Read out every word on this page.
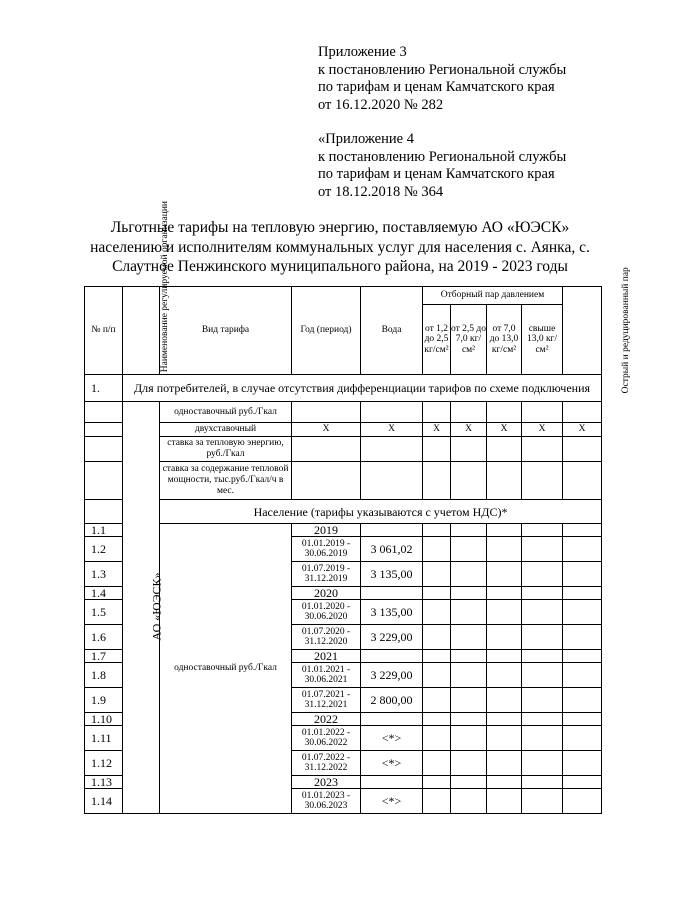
Приложение 3
к постановлению Региональной службы
по тарифам и ценам Камчатского края
от 16.12.2020 № 282
«Приложение 4
к постановлению Региональной службы
по тарифам и ценам Камчатского края
от 18.12.2018 № 364
Льготные тарифы на тепловую энергию, поставляемую АО «ЮЭСК»
населению и исполнителям коммунальных услуг для населения с. Аянка, с.
Слаутное Пенжинского муниципального района, на 2019 - 2023 годы
№ п/п	Наименование регулируемой организации	Вид тарифа	Год (период)	Вода	Отборный пар давлением				Острый и редуцированный пар
					от 1,2 до 2,5 кг/см²	от 2,5 до 7,0 кг/см²	от 7,0 до 13,0 кг/см²	свыше 13,0 кг/см²	
1.	Для потребителей, в случае отсутствия дифференциации тарифов по схеме подключения								
	АО «ЮЭСК»	одноставочный руб./Гкал							
		двухставочный	X	X	X	X	X	X	X
		ставка за тепловую энергию, руб./Гкал							
		ставка за содержание тепловой мощности, тыс.руб./Гкал/ч в мес.							
		Население (тарифы указываются с учетом НДС)*							
1.1		одноставочный руб./Гкал	2019						
1.2			01.01.2019 - 30.06.2019	3 061,02					
1.3			01.07.2019 - 31.12.2019	3 135,00					
1.4			2020						
1.5			01.01.2020 - 30.06.2020	3 135,00					
1.6			01.07.2020 - 31.12.2020	3 229,00					
1.7			2021						
1.8			01.01.2021 - 30.06.2021	3 229,00					
1.9			01.07.2021 - 31.12.2021	2 800,00					
1.10			2022						
1.11			01.01.2022 - 30.06.2022	<*>					
1.12			01.07.2022 - 31.12.2022	<*>					
1.13			2023						
1.14			01.01.2023 - 30.06.2023	<*>					
